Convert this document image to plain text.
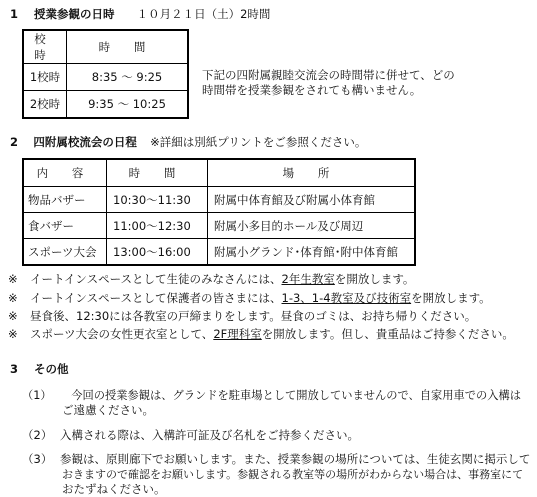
1 授業参観の日時 １０月２１日（土）2時間
校 時	時 間
1校時	8:35 ～ 9:25
2校時	9:35 ～ 10:25
下記の四附属親睦交流会の時間帯に併せて、どの
時間帯を授業参観をされても構いません。
2 四附属校流会の日程 ※詳細は別紙プリントをご参照ください。
内 容	時 間	場 所
物品バザー	10:30～11:30	附属中体育館及び附属小体育館
食バザー	11:00～12:30	附属小多目的ホール及び周辺
スポーツ大会	13:00～16:00	附属小グランド･体育館･附中体育館
※ イートインスペースとして生徒のみなさんには、2年生教室を開放します。
※ イートインスペースとして保護者の皆さまには、1-3、1-4教室及び技術室を開放します。
※ 昼食後、12:30には各教室の戸締まりをします。昼食のゴミは、お持ち帰りください。
※ スポーツ大会の女性更衣室として、2F理科室を開放します。但し、貴重品はご持参ください。
3 その他
（1）　今回の授業参観は、グランドを駐車場として開放していませんので、自家用車での入構は
ご遠慮ください。
（2） 入構される際は、入構許可証及び名札をご持参ください。
（3） 参観は、原則廊下でお願いします。また、授業参観の場所については、生徒玄関に掲示して
おきますので確認をお願いします。参観される教室等の場所がわからない場合は、事務室にて
おたずねください。
